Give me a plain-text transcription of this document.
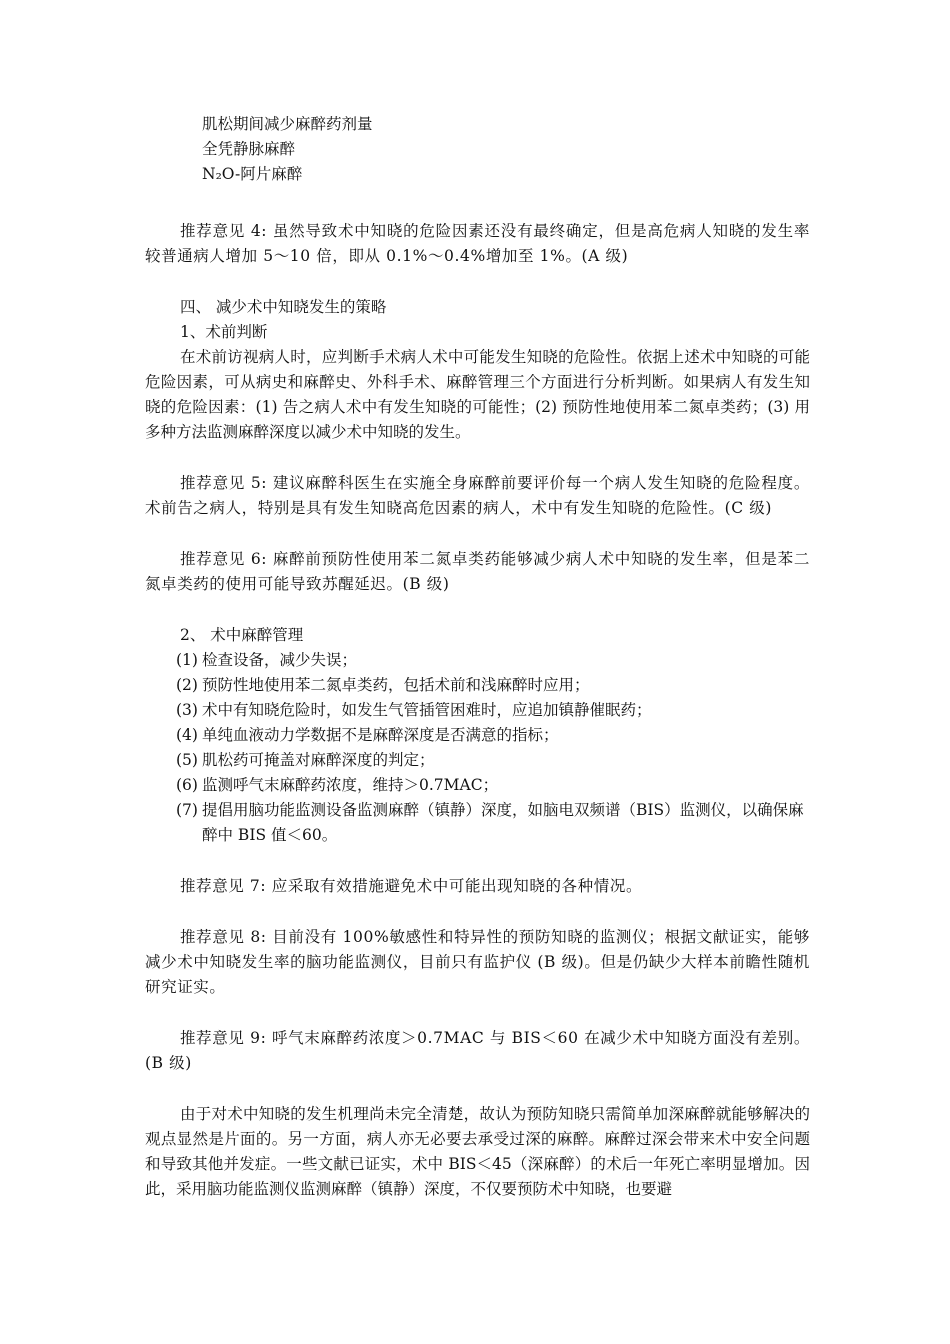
肌松期间减少麻醉药剂量
全凭静脉麻醉
N₂O-阿片麻醉

推荐意见 4: 虽然导致术中知晓的危险因素还没有最终确定，但是高危病人知晓的发生率较普通病人增加 5～10 倍，即从 0.1%～0.4%增加至 1%。(A 级)

四、 减少术中知晓发生的策略

1、术前判断

在术前访视病人时，应判断手术病人术中可能发生知晓的危险性。依据上述术中知晓的可能危险因素，可从病史和麻醉史、外科手术、麻醉管理三个方面进行分析判断。如果病人有发生知晓的危险因素：(1) 告之病人术中有发生知晓的可能性；(2) 预防性地使用苯二氮卓类药；(3) 用多种方法监测麻醉深度以减少术中知晓的发生。

推荐意见 5: 建议麻醉科医生在实施全身麻醉前要评价每一个病人发生知晓的危险程度。术前告之病人，特别是具有发生知晓高危因素的病人，术中有发生知晓的危险性。(C 级)

推荐意见 6: 麻醉前预防性使用苯二氮卓类药能够减少病人术中知晓的发生率，但是苯二氮卓类药的使用可能导致苏醒延迟。(B 级)

2、 术中麻醉管理

(1) 检查设备，减少失误；
(2) 预防性地使用苯二氮卓类药，包括术前和浅麻醉时应用；
(3) 术中有知晓危险时，如发生气管插管困难时，应追加镇静催眠药；
(4) 单纯血液动力学数据不是麻醉深度是否满意的指标；
(5) 肌松药可掩盖对麻醉深度的判定；
(6) 监测呼气末麻醉药浓度，维持＞0.7MAC；
(7) 提倡用脑功能监测设备监测麻醉（镇静）深度，如脑电双频谱（BIS）监测仪，以确保麻醉中 BIS 值＜60。

推荐意见 7: 应采取有效措施避免术中可能出现知晓的各种情况。

推荐意见 8: 目前没有 100%敏感性和特异性的预防知晓的监测仪；根据文献证实，能够减少术中知晓发生率的脑功能监测仪，目前只有监护仪 (B 级)。但是仍缺少大样本前瞻性随机研究证实。

推荐意见 9: 呼气末麻醉药浓度＞0.7MAC 与 BIS＜60 在减少术中知晓方面没有差别。(B 级)

由于对术中知晓的发生机理尚未完全清楚，故认为预防知晓只需简单加深麻醉就能够解决的观点显然是片面的。另一方面，病人亦无必要去承受过深的麻醉。麻醉过深会带来术中安全问题和导致其他并发症。一些文献已证实，术中 BIS＜45（深麻醉）的术后一年死亡率明显增加。因此，采用脑功能监测仪监测麻醉（镇静）深度，不仅要预防术中知晓，也要避
